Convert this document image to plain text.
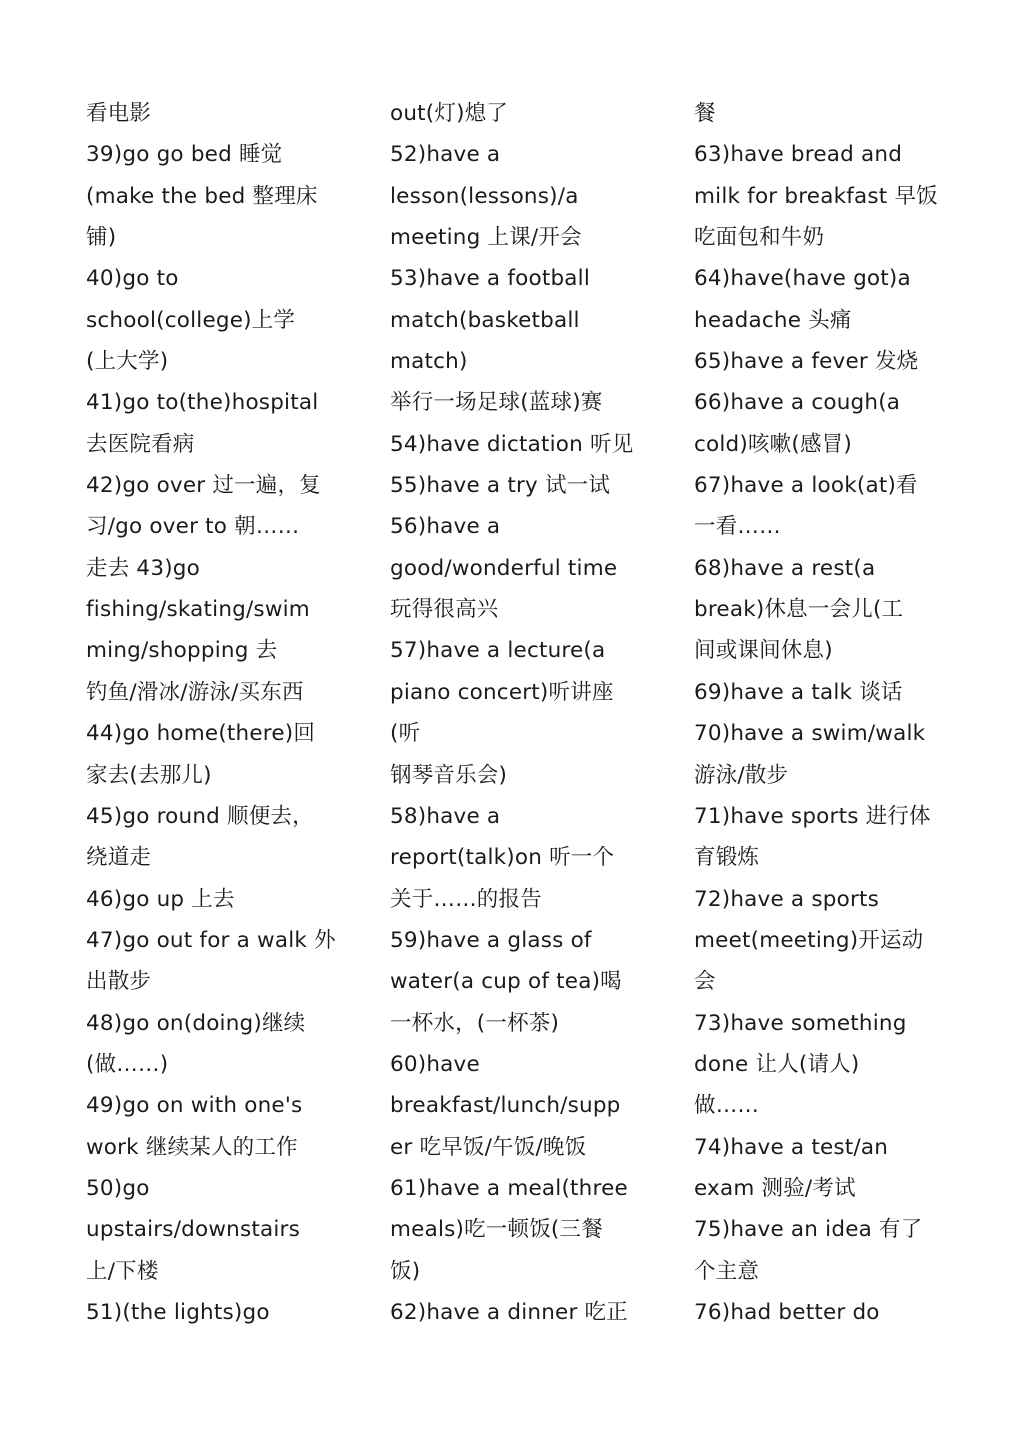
看电影
39)go go bed 睡觉
(make the bed 整理床
铺)
40)go to
school(college)上学
(上大学)
41)go to(the)hospital
去医院看病
42)go over 过一遍，复
习/go over to 朝……
走去 43)go
fishing/skating/swim
ming/shopping 去
钓鱼/滑冰/游泳/买东西
44)go home(there)回
家去(去那儿)
45)go round 顺便去，
绕道走
46)go up 上去
47)go out for a walk 外
出散步
48)go on(doing)继续
(做……)
49)go on with one's
work 继续某人的工作
50)go
upstairs/downstairs
上/下楼
51)(the lights)go
out(灯)熄了
52)have a
lesson(lessons)/a
meeting 上课/开会
53)have a football
match(basketball
match)
举行一场足球(蓝球)赛
54)have dictation 听见
55)have a try 试一试
56)have a
good/wonderful time
玩得很高兴
57)have a lecture(a
piano concert)听讲座
(听
钢琴音乐会)
58)have a
report(talk)on 听一个
关于……的报告
59)have a glass of
water(a cup of tea)喝
一杯水，(一杯茶)
60)have
breakfast/lunch/supp
er 吃早饭/午饭/晚饭
61)have a meal(three
meals)吃一顿饭(三餐
饭)
62)have a dinner 吃正
餐
63)have bread and
milk for breakfast 早饭
吃面包和牛奶
64)have(have got)a
headache 头痛
65)have a fever 发烧
66)have a cough(a
cold)咳嗽(感冒)
67)have a look(at)看
一看……
68)have a rest(a
break)休息一会儿(工
间或课间休息)
69)have a talk 谈话
70)have a swim/walk
游泳/散步
71)have sports 进行体
育锻炼
72)have a sports
meet(meeting)开运动
会
73)have something
done 让人(请人)
做……
74)have a test/an
exam 测验/考试
75)have an idea 有了
个主意
76)had better do
